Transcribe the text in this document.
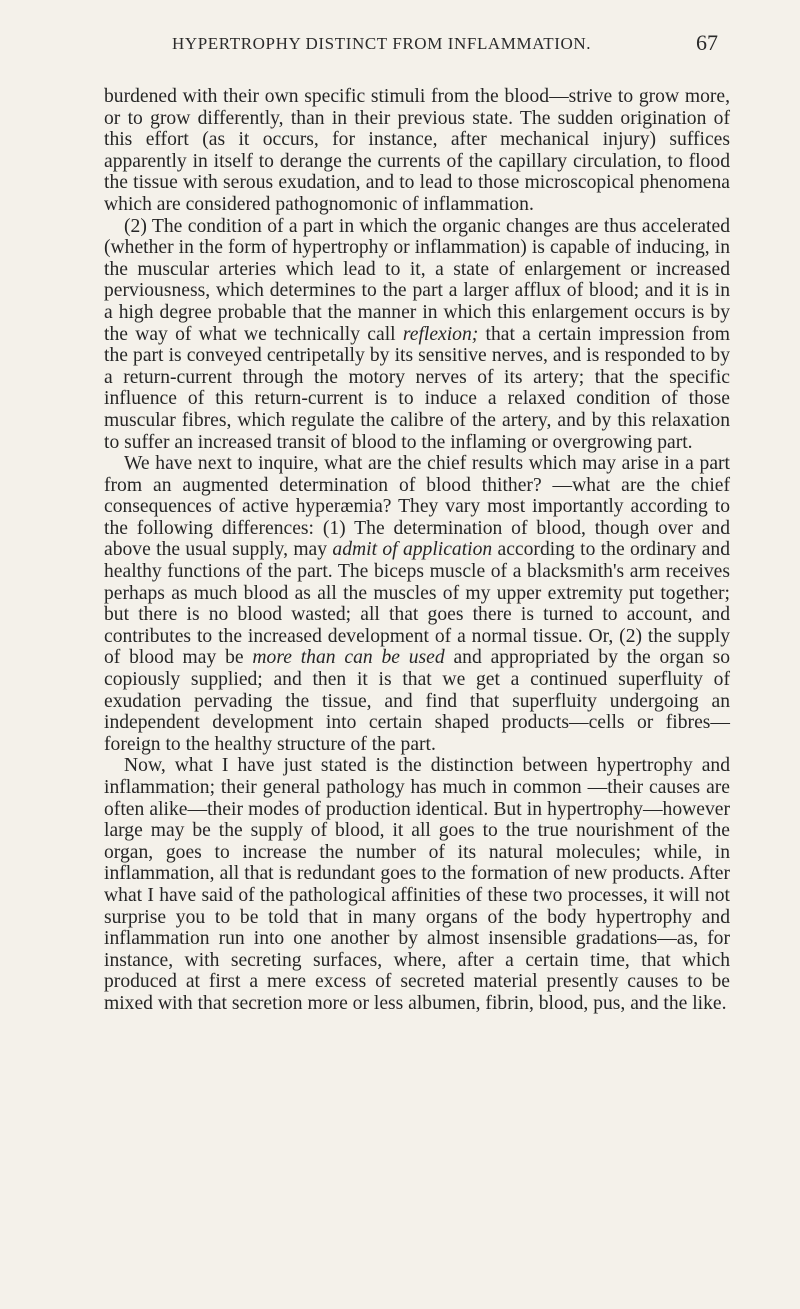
HYPERTROPHY DISTINCT FROM INFLAMMATION.	67

burdened with their own specific stimuli from the blood—strive to grow more, or to grow differently, than in their previous state. The sudden origination of this effort (as it occurs, for instance, after mechanical injury) suffices apparently in itself to derange the currents of the capillary circulation, to flood the tissue with serous exudation, and to lead to those microscopical phenomena which are considered pathognomonic of inflammation.

(2) The condition of a part in which the organic changes are thus accelerated (whether in the form of hypertrophy or inflammation) is capable of inducing, in the muscular arteries which lead to it, a state of enlargement or increased perviousness, which determines to the part a larger afflux of blood; and it is in a high degree probable that the manner in which this enlargement occurs is by the way of what we technically call reflexion; that a certain impression from the part is conveyed centripetally by its sensitive nerves, and is responded to by a return-current through the motory nerves of its artery; that the specific influence of this return-current is to induce a relaxed condition of those muscular fibres, which regulate the calibre of the artery, and by this relaxation to suffer an increased transit of blood to the inflaming or overgrowing part.

We have next to inquire, what are the chief results which may arise in a part from an augmented determination of blood thither? —what are the chief consequences of active hyperæmia? They vary most importantly according to the following differences: (1) The determination of blood, though over and above the usual supply, may admit of application according to the ordinary and healthy functions of the part. The biceps muscle of a blacksmith's arm receives perhaps as much blood as all the muscles of my upper extremity put together; but there is no blood wasted; all that goes there is turned to account, and contributes to the increased development of a normal tissue. Or, (2) the supply of blood may be more than can be used and appropriated by the organ so copiously supplied; and then it is that we get a continued superfluity of exudation pervading the tissue, and find that superfluity undergoing an independent development into certain shaped products—cells or fibres—foreign to the healthy structure of the part.

Now, what I have just stated is the distinction between hypertrophy and inflammation; their general pathology has much in common —their causes are often alike—their modes of production identical. But in hypertrophy—however large may be the supply of blood, it all goes to the true nourishment of the organ, goes to increase the number of its natural molecules; while, in inflammation, all that is redundant goes to the formation of new products. After what I have said of the pathological affinities of these two processes, it will not surprise you to be told that in many organs of the body hypertrophy and inflammation run into one another by almost insensible gradations—as, for instance, with secreting surfaces, where, after a certain time, that which produced at first a mere excess of secreted material presently causes to be mixed with that secretion more or less albumen, fibrin, blood, pus, and the like.
